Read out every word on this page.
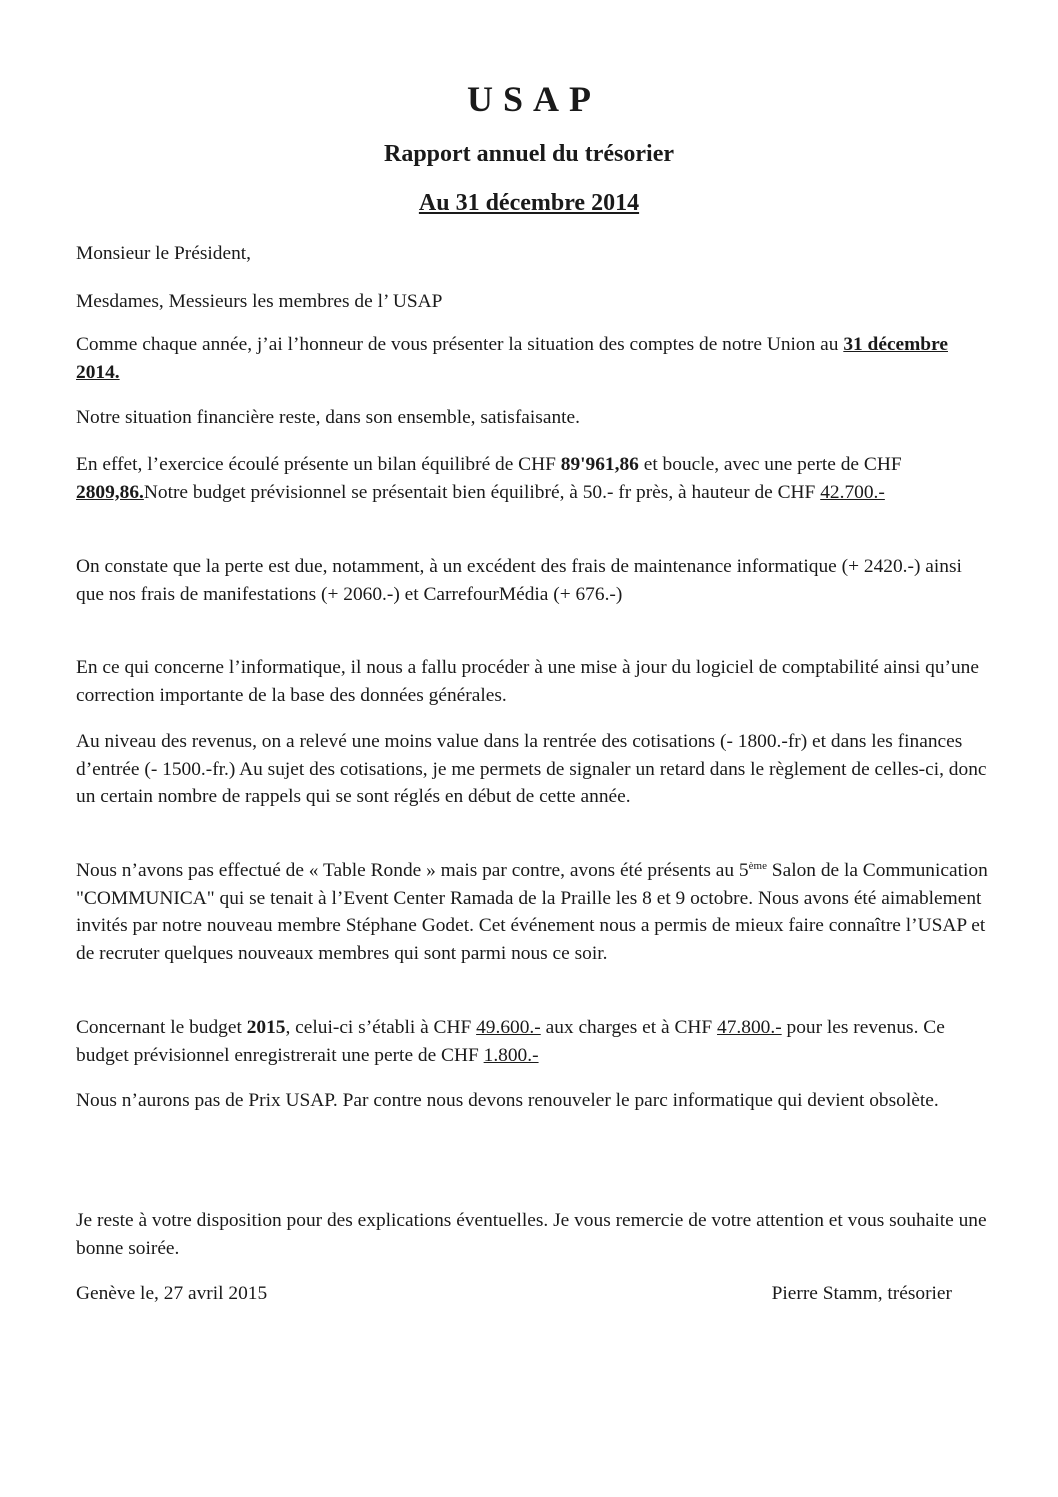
USAP
Rapport annuel du trésorier
Au 31 décembre 2014

Monsieur le Président,

Mesdames, Messieurs les membres de l’ USAP

Comme chaque année, j’ai l’honneur de vous présenter la situation des comptes de notre Union au 31 décembre 2014.

Notre situation financière reste, dans son ensemble, satisfaisante.

En effet, l’exercice écoulé présente un bilan équilibré de CHF 89'961,86 et boucle, avec une perte de CHF 2809,86.Notre budget prévisionnel se présentait bien équilibré, à 50.- fr près, à hauteur de CHF 42.700.-

On constate que la perte est due, notamment, à un excédent des frais de maintenance informatique (+ 2420.-) ainsi que nos frais de manifestations (+ 2060.-) et CarrefourMédia (+ 676.-)

En ce qui concerne l’informatique, il nous a fallu procéder à une mise à jour du logiciel de comptabilité ainsi qu’une correction importante de la base des données générales.

Au niveau des revenus, on a relevé une moins value dans la rentrée des cotisations (- 1800.-fr) et dans les finances d’entrée (- 1500.-fr.) Au sujet des cotisations, je me permets de signaler un retard dans le règlement de celles-ci, donc un certain nombre de rappels qui se sont réglés en début de cette année.

Nous n’avons pas effectué de « Table Ronde » mais par contre, avons été présents au 5ème Salon de la Communication "COMMUNICA" qui se tenait à l’Event Center Ramada de la Praille les 8 et 9 octobre. Nous avons été aimablement invités par notre nouveau membre Stéphane Godet. Cet événement nous a permis de mieux faire connaître l’USAP et de recruter quelques nouveaux membres qui sont parmi nous ce soir.

Concernant le budget 2015, celui-ci s’établi à CHF 49.600.- aux charges et à CHF 47.800.- pour les revenus. Ce budget prévisionnel enregistrerait une perte de CHF 1.800.-

Nous n’aurons pas de Prix USAP. Par contre nous devons renouveler le parc informatique qui devient obsolète.

Je reste à votre disposition pour des explications éventuelles. Je vous remercie de votre attention et vous souhaite une bonne soirée.

Genève le, 27 avril 2015	Pierre Stamm, trésorier
